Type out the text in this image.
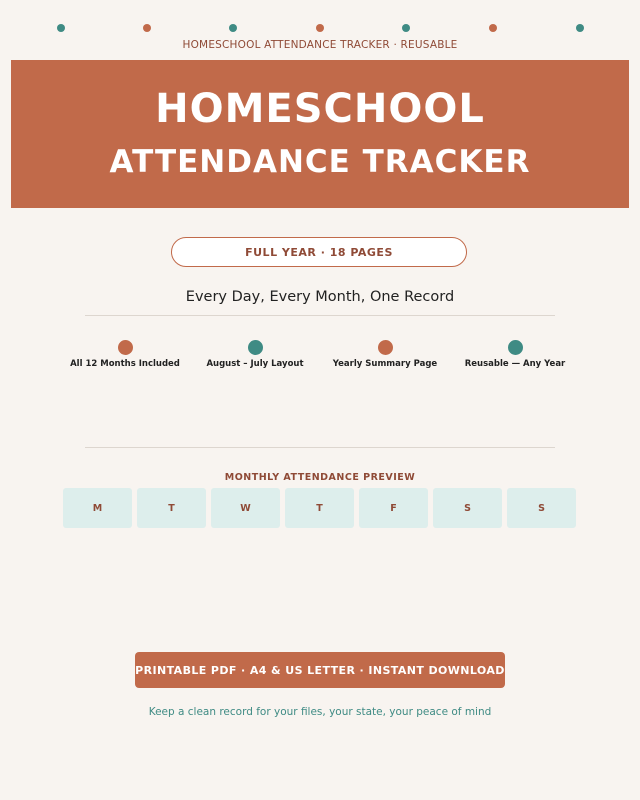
HOMESCHOOL ATTENDANCE TRACKER · REUSABLE
HOMESCHOOL
ATTENDANCE TRACKER
FULL YEAR · 18 PAGES
Every Day, Every Month, One Record
All 12 Months Included	August – July Layout	Yearly Summary Page	Reusable — Any Year
MONTHLY ATTENDANCE PREVIEW
M	T	W	T	F	S	S
PRINTABLE PDF · A4 & US LETTER · INSTANT DOWNLOAD
Keep a clean record for your files, your state, your peace of mind
